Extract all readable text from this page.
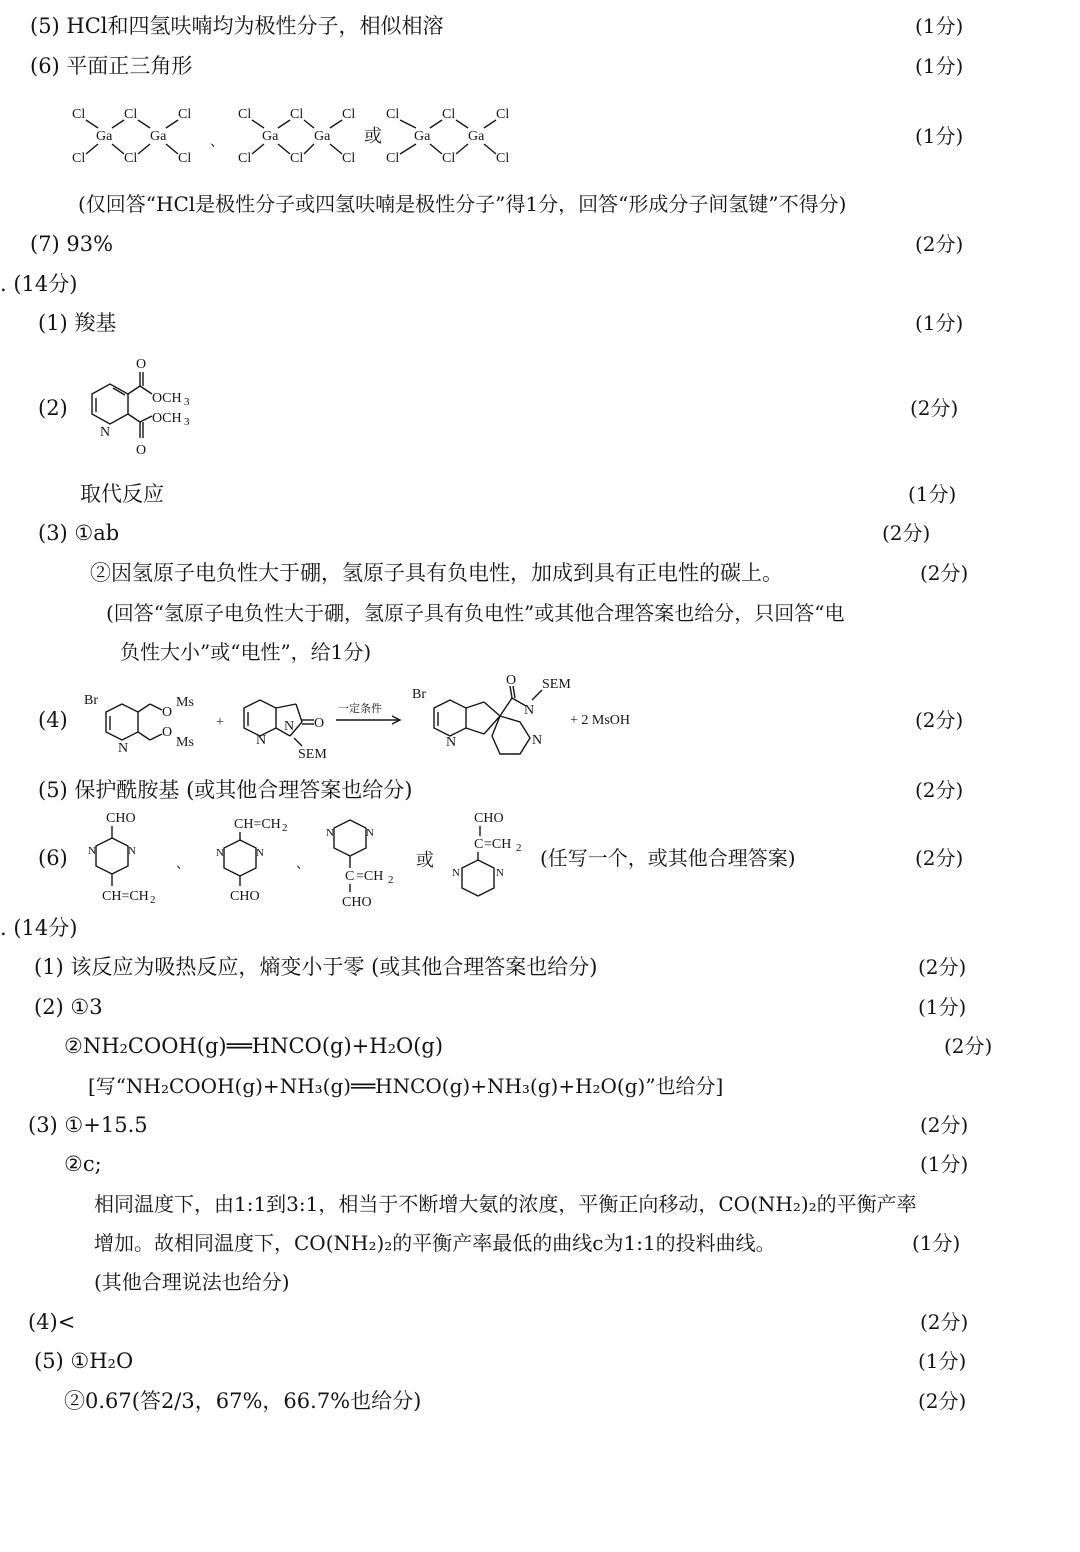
(5) HCl和四氢呋喃均为极性分子，相似相溶	(1分)
(6) 平面正三角形	(1分)
Cl	Cl	Cl
Ga	Ga
Cl	Cl	Cl
、
Cl	Cl	Cl
Ga	Ga
Cl	Cl	Cl
或
Cl	Cl	Cl
Ga	Ga
Cl	Cl	Cl
(1分)
(仅回答“HCl是极性分子或四氢呋喃是极性分子”得1分，回答“形成分子间氢键”不得分)
(7) 93%	(2分)
. (14分)
(1) 羧基	(1分)
(2)
N
O
OCH 3
O
OCH 3
(2分)
取代反应	(1分)
(3) ①ab	(2分)
②因氢原子电负性大于硼，氢原子具有负电性，加成到具有正电性的碳上。	(2分)
(回答“氢原子电负性大于硼，氢原子具有负电性”或其他合理答案也给分，只回答“电
负性大小”或“电性”，给1分)
(4)
Br
N
O
Ms
O
Ms
+
N
O
N
SEM
一定条件
Br
N
O
N
SEM
N
+ 2 MsOH	(2分)
(5) 保护酰胺基 (或其他合理答案也给分)	(2分)
(6)
CHO
N	N
CH=CH 2
、
CH=CH 2
N	N
CHO
、
N	N
C =CH 2
CHO
或
CHO
C =CH 2
N	N
(任写一个，或其他合理答案)	(2分)
. (14分)
(1) 该反应为吸热反应，熵变小于零 (或其他合理答案也给分)	(2分)
(2) ①3	(1分)
②NH₂COOH(g)══HNCO(g)+H₂O(g)	(2分)
[写“NH₂COOH(g)+NH₃(g)══HNCO(g)+NH₃(g)+H₂O(g)”也给分]
(3) ①+15.5	(2分)
②c;	(1分)
相同温度下，由1:1到3:1，相当于不断增大氨的浓度，平衡正向移动，CO(NH₂)₂的平衡产率
增加。故相同温度下，CO(NH₂)₂的平衡产率最低的曲线c为1:1的投料曲线。	(1分)
(其他合理说法也给分)
(4)<	(2分)
(5) ①H₂O	(1分)
②0.67(答2/3，67%，66.7%也给分)	(2分)
